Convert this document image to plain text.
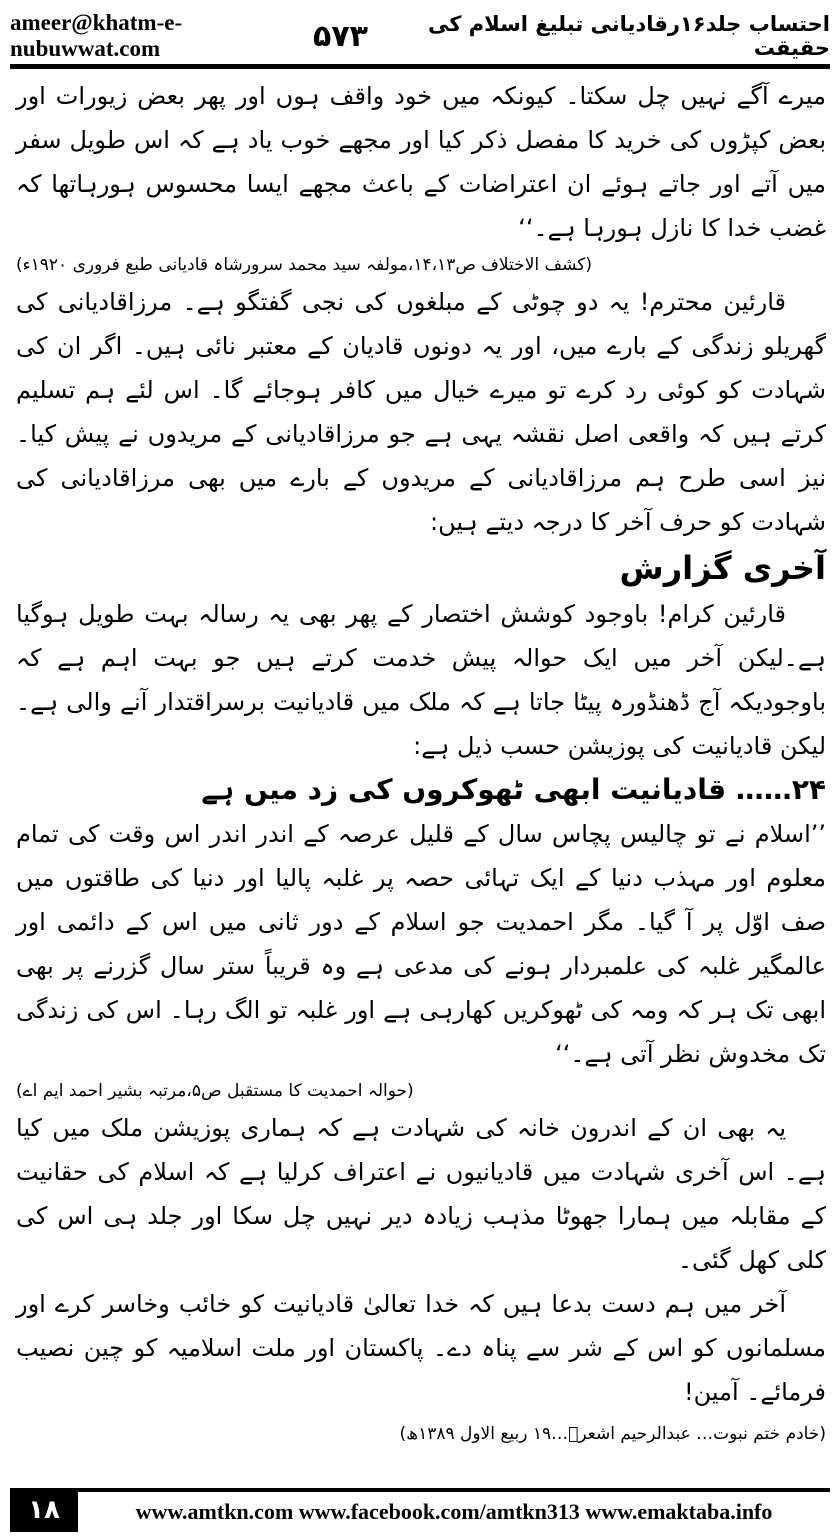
ameer@khatm-e-nubuwwat.com	۵۷۳	احتساب جلد۱۶رقادیانی تبلیغ اسلام کی حقیقت

میرے آگے نہیں چل سکتا۔ کیونکہ میں خود واقف ہوں اور پھر بعض زیورات اور بعض کپڑوں کی خرید کا مفصل ذکر کیا اور مجھے خوب یاد ہے کہ اس طویل سفر میں آتے اور جاتے ہوئے ان اعتراضات کے باعث مجھے ایسا محسوس ہورہاتھا کہ غضب خدا کا نازل ہورہا ہے۔‘‘

(کشف الاختلاف ص۱۴،۱۳،مولفہ سید محمد سرورشاہ قادیانی طبع فروری ۱۹۲۰ء)

قارئین محترم! یہ دو چوٹی کے مبلغوں کی نجی گفتگو ہے۔ مرزاقادیانی کی گھریلو زندگی کے بارے میں، اور یہ دونوں قادیان کے معتبر نائی ہیں۔ اگر ان کی شہادت کو کوئی رد کرے تو میرے خیال میں کافر ہوجائے گا۔ اس لئے ہم تسلیم کرتے ہیں کہ واقعی اصل نقشہ یہی ہے جو مرزاقادیانی کے مریدوں نے پیش کیا۔ نیز اسی طرح ہم مرزاقادیانی کے مریدوں کے بارے میں بھی مرزاقادیانی کی شہادت کو حرف آخر کا درجہ دیتے ہیں:

آخری گزارش

قارئین کرام! باوجود کوشش اختصار کے پھر بھی یہ رسالہ بہت طویل ہوگیا ہے۔لیکن آخر میں ایک حوالہ پیش خدمت کرتے ہیں جو بہت اہم ہے کہ باوجودیکہ آج ڈھنڈورہ پیٹا جاتا ہے کہ ملک میں قادیانیت برسراقتدار آنے والی ہے۔لیکن قادیانیت کی پوزیشن حسب ذیل ہے:

۲۴…… قادیانیت ابھی ٹھوکروں کی زد میں ہے

’’اسلام نے تو چالیس پچاس سال کے قلیل عرصہ کے اندر اندر اس وقت کی تمام معلوم اور مہذب دنیا کے ایک تہائی حصہ پر غلبہ پالیا اور دنیا کی طاقتوں میں صف اوّل پر آ گیا۔ مگر احمدیت جو اسلام کے دور ثانی میں اس کے دائمی اور عالمگیر غلبہ کی علمبردار ہونے کی مدعی ہے وہ قریباً ستر سال گزرنے پر بھی ابھی تک ہر کہ ومہ کی ٹھوکریں کھارہی ہے اور غلبہ تو الگ رہا۔ اس کی زندگی تک مخدوش نظر آتی ہے۔‘‘

(حوالہ احمدیت کا مستقبل ص۵،مرتبہ بشیر احمد ایم اے)

یہ بھی ان کے اندرون خانہ کی شہادت ہے کہ ہماری پوزیشن ملک میں کیا ہے۔ اس آخری شہادت میں قادیانیوں نے اعتراف کرلیا ہے کہ اسلام کی حقانیت کے مقابلہ میں ہمارا جھوٹا مذہب زیادہ دیر نہیں چل سکا اور جلد ہی اس کی کلی کھل گئی۔

آخر میں ہم دست بدعا ہیں کہ خدا تعالیٰ قادیانیت کو خائب وخاسر کرے اور مسلمانوں کو اس کے شر سے پناہ دے۔ پاکستان اور ملت اسلامیہ کو چین نصیب فرمائے۔ آمین!

(خادم ختم نبوت… عبدالرحیم اشعرؒ…۱۹ ربیع الاول ۱۳۸۹ھ)

۱۸	www.amtkn.com www.facebook.com/amtkn313 www.emaktaba.info
